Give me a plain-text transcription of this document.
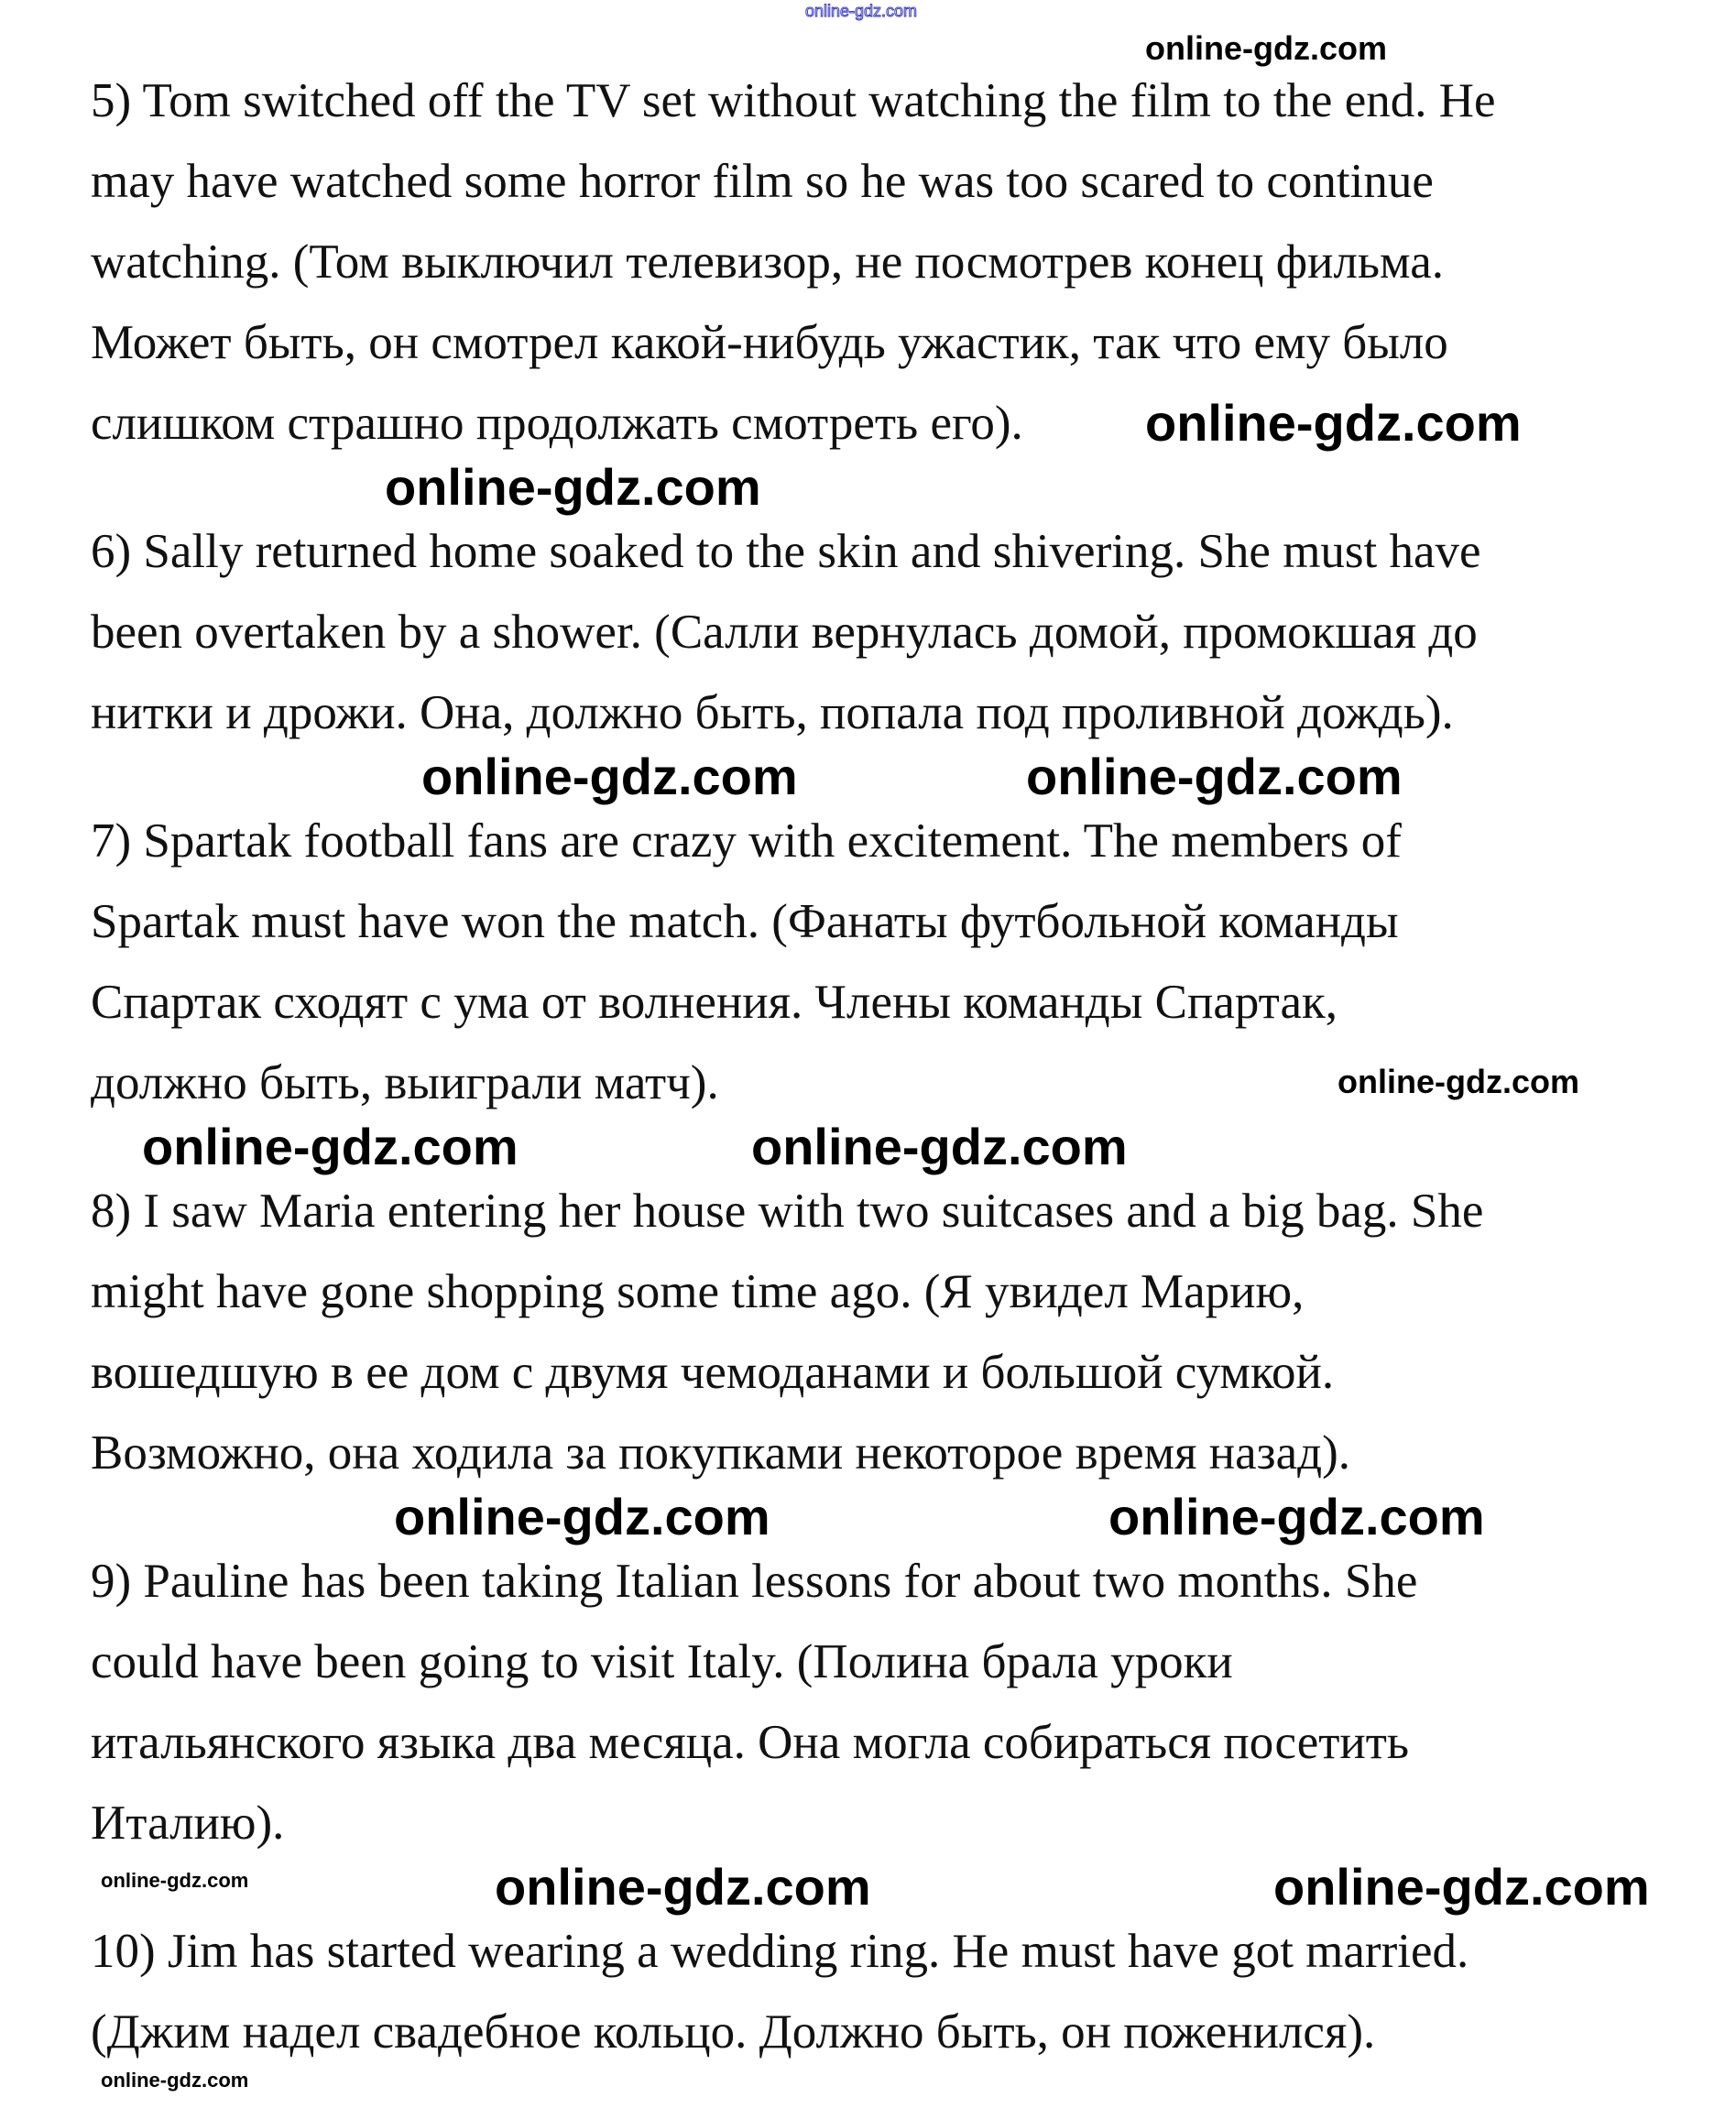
5) Tom switched off the TV set without watching the film to the end. He
may have watched some horror film so he was too scared to continue
watching. (Том выключил телевизор, не посмотрев конец фильма.
Может быть, он смотрел какой-нибудь ужастик, так что ему было
слишком страшно продолжать смотреть его).
6) Sally returned home soaked to the skin and shivering. She must have
been overtaken by a shower. (Салли вернулась домой, промокшая до
нитки и дрожи. Она, должно быть, попала под проливной дождь).
7) Spartak football fans are crazy with excitement. The members of
Spartak must have won the match. (Фанаты футбольной команды
Спартак сходят с ума от волнения. Члены команды Спартак,
должно быть, выиграли матч).
8) I saw Maria entering her house with two suitcases and a big bag. She
might have gone shopping some time ago. (Я увидел Марию,
вошедшую в ее дом с двумя чемоданами и большой сумкой.
Возможно, она ходила за покупками некоторое время назад).
9) Pauline has been taking Italian lessons for about two months. She
could have been going to visit Italy. (Полина брала уроки
итальянского языка два месяца. Она могла собираться посетить
Италию).
10) Jim has started wearing a wedding ring. He must have got married.
(Джим надел свадебное кольцо. Должно быть, он поженился).
online-gdz.com
online-gdz.com
online-gdz.com
online-gdz.com
online-gdz.com	online-gdz.com
online-gdz.com
online-gdz.com	online-gdz.com
online-gdz.com	online-gdz.com
online-gdz.com	online-gdz.com	online-gdz.com
online-gdz.com
